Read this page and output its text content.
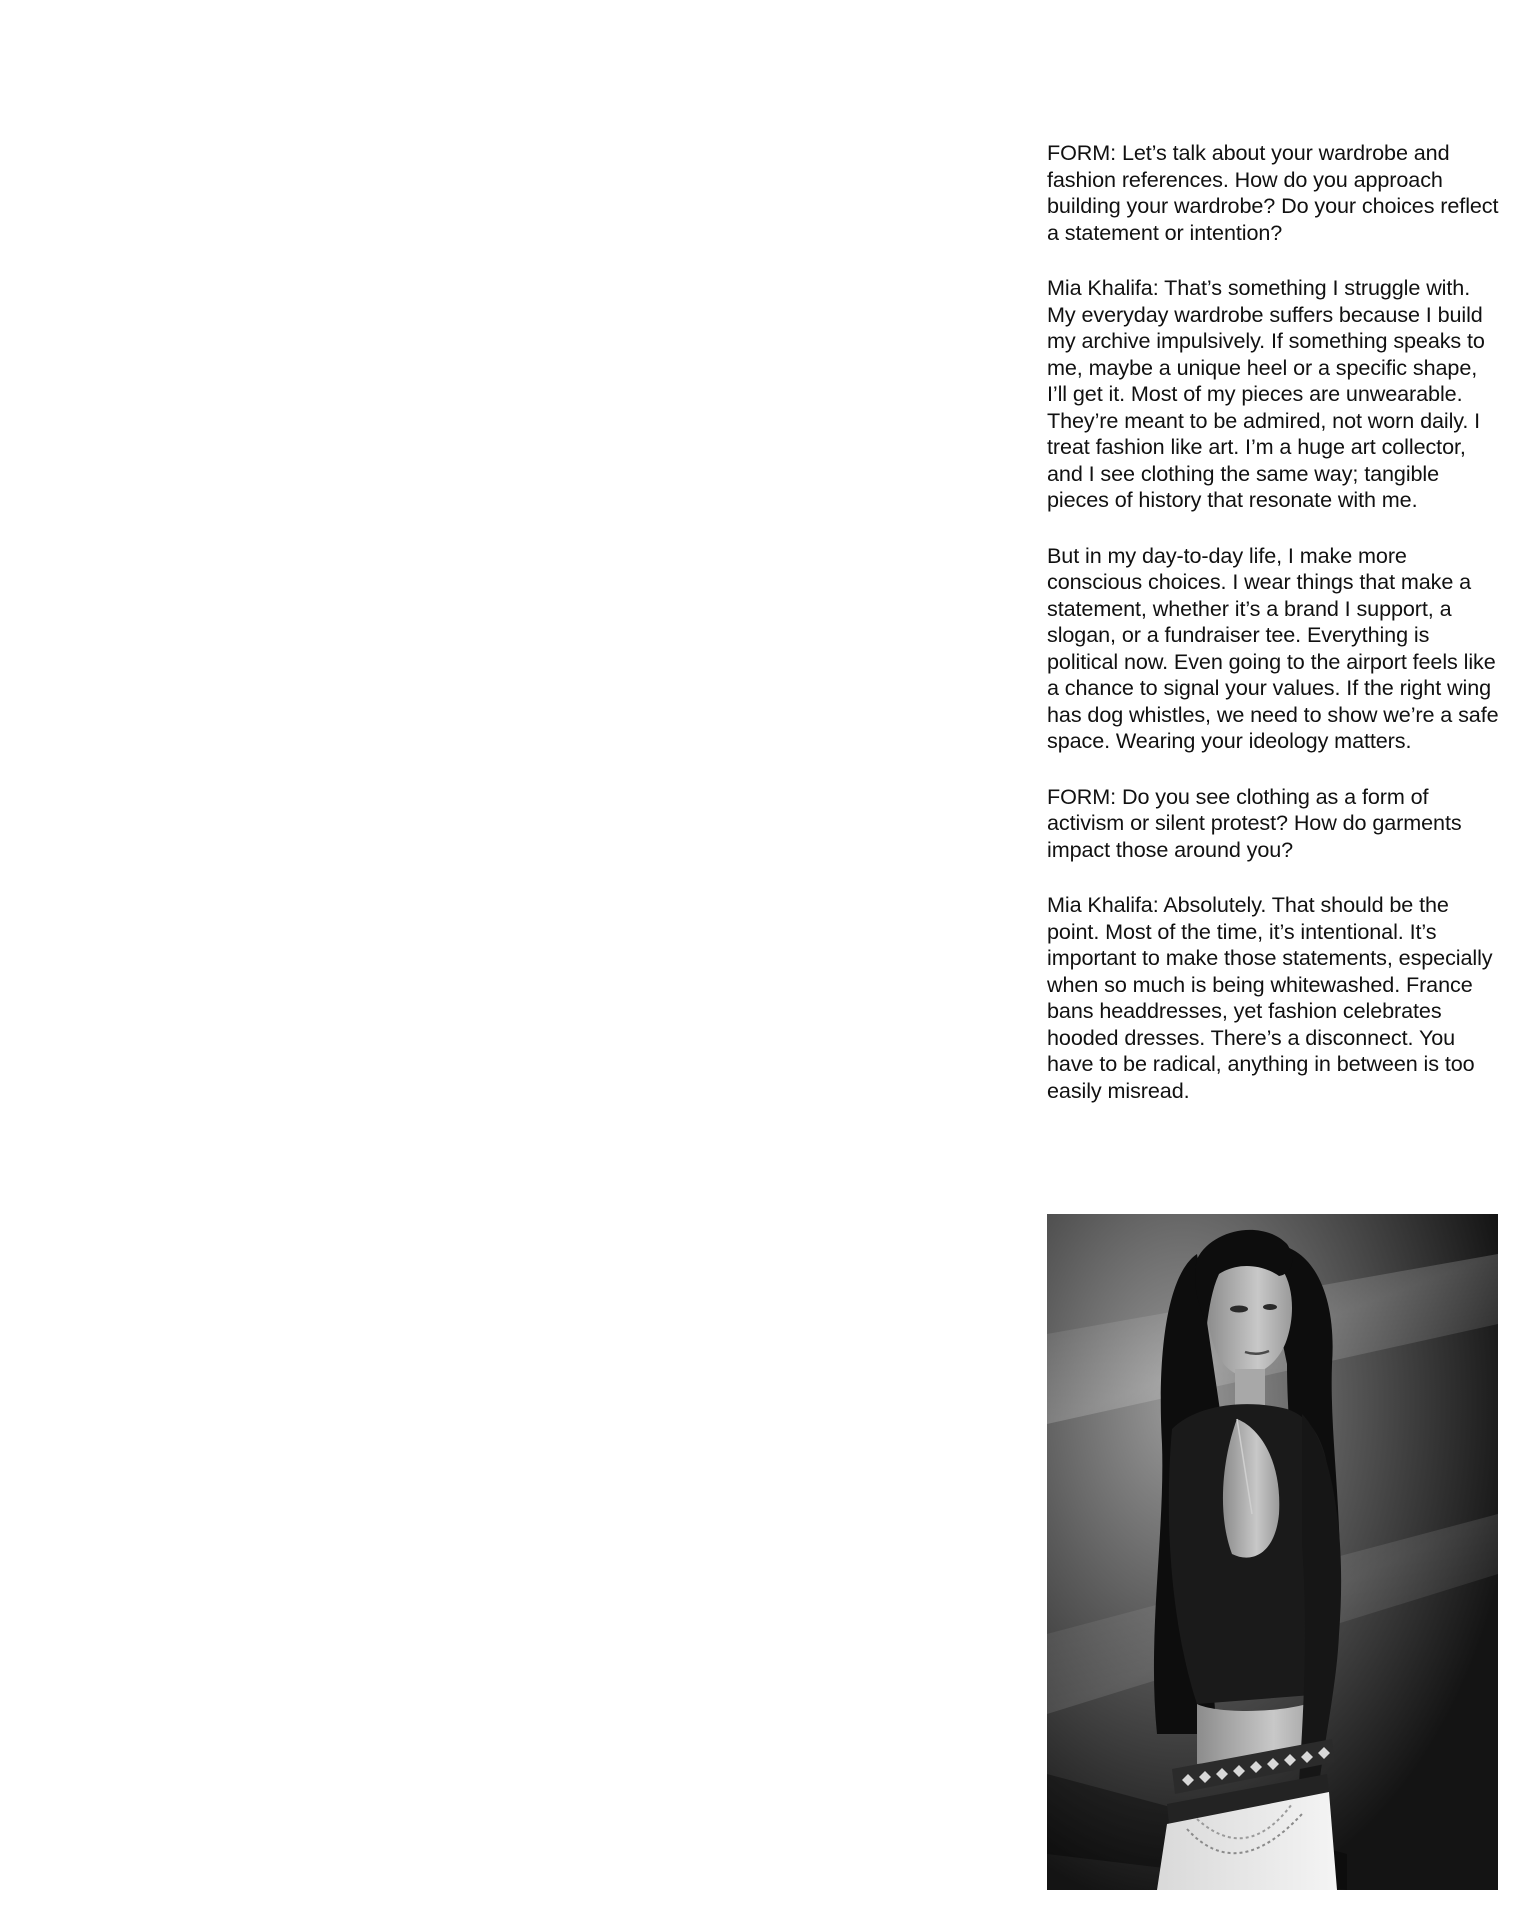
FORM: Let’s talk about your wardrobe and fashion references. How do you approach building your wardrobe? Do your choices reflect a statement or intention?

Mia Khalifa: That’s something I struggle with. My everyday wardrobe suffers because I build my archive impulsively. If something speaks to me, maybe a unique heel or a specific shape, I’ll get it. Most of my pieces are unwearable. They’re meant to be admired, not worn daily. I treat fashion like art. I’m a huge art collector, and I see clothing the same way; tangible pieces of history that resonate with me.

But in my day-to-day life, I make more conscious choices. I wear things that make a statement, whether it’s a brand I support, a slogan, or a fundraiser tee. Everything is political now. Even going to the airport feels like a chance to signal your values. If the right wing has dog whistles, we need to show we’re a safe space. Wearing your ideology matters.

FORM: Do you see clothing as a form of activism or silent protest? How do garments impact those around you?

Mia Khalifa: Absolutely. That should be the point. Most of the time, it’s intentional. It’s important to make those statements, especially when so much is being whitewashed. France bans headdresses, yet fashion celebrates hooded dresses. There’s a disconnect. You have to be radical, anything in between is too easily misread.
